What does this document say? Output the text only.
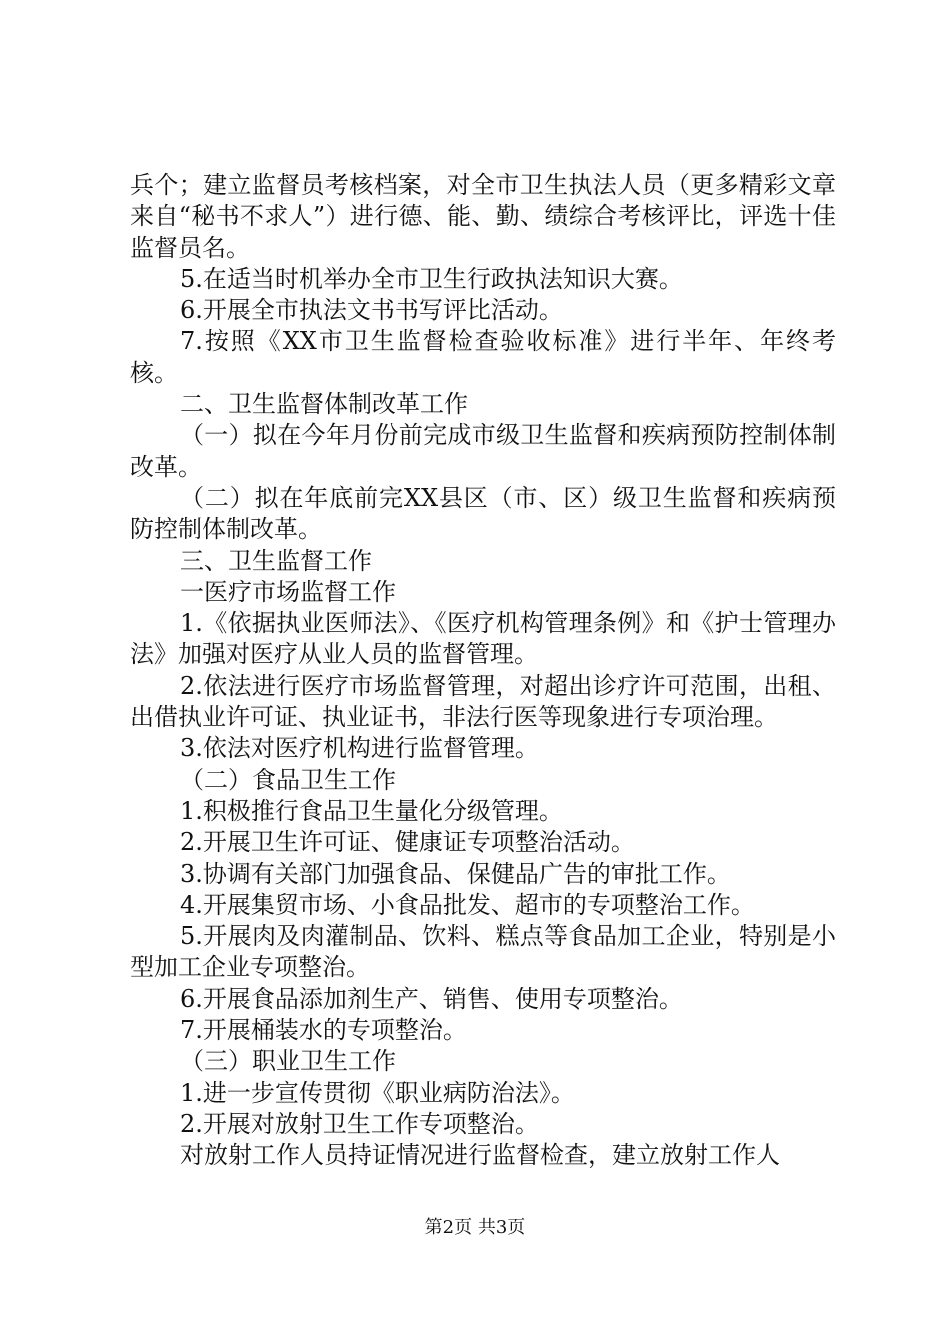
兵个；建立监督员考核档案，对全市卫生执法人员（更多精彩文章来自“秘书不求人”）进行德、能、勤、绩综合考核评比，评选十佳监督员名。

5.在适当时机举办全市卫生行政执法知识大赛。

6.开展全市执法文书书写评比活动。

7.按照《XX市卫生监督检查验收标准》进行半年、年终考核。

二、卫生监督体制改革工作

（一）拟在今年月份前完成市级卫生监督和疾病预防控制体制改革。

（二）拟在年底前完XX县区（市、区）级卫生监督和疾病预防控制体制改革。

三、卫生监督工作

一医疗市场监督工作

1.《依据执业医师法》、《医疗机构管理条例》和《护士管理办法》加强对医疗从业人员的监督管理。

2.依法进行医疗市场监督管理，对超出诊疗许可范围，出租、出借执业许可证、执业证书，非法行医等现象进行专项治理。

3.依法对医疗机构进行监督管理。

（二）食品卫生工作

1.积极推行食品卫生量化分级管理。

2.开展卫生许可证、健康证专项整治活动。

3.协调有关部门加强食品、保健品广告的审批工作。

4.开展集贸市场、小食品批发、超市的专项整治工作。

5.开展肉及肉灌制品、饮料、糕点等食品加工企业，特别是小型加工企业专项整治。

6.开展食品添加剂生产、销售、使用专项整治。

7.开展桶装水的专项整治。

（三）职业卫生工作

1.进一步宣传贯彻《职业病防治法》。

2.开展对放射卫生工作专项整治。

对放射工作人员持证情况进行监督检查，建立放射工作人

第2页 共3页
